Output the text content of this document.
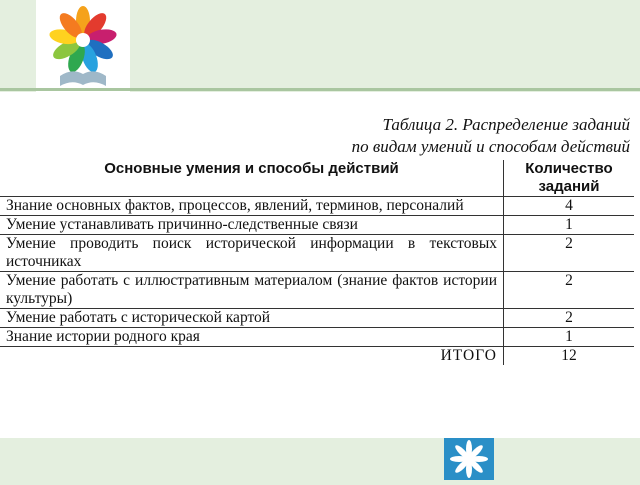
Таблица 2. Распределение заданий
по видам умений и способам действий
Основные умения и способы действий	Количество
заданий

Знание основных фактов, процессов, явлений, терминов, персоналий	4
Умение устанавливать причинно-следственные связи	1
Умение проводить поиск исторической информации в текстовых источниках	2
Умение работать с иллюстративным материалом (знание фактов истории культуры)	2
Умение работать с исторической картой	2
Знание истории родного края	1
ИТОГО	12
